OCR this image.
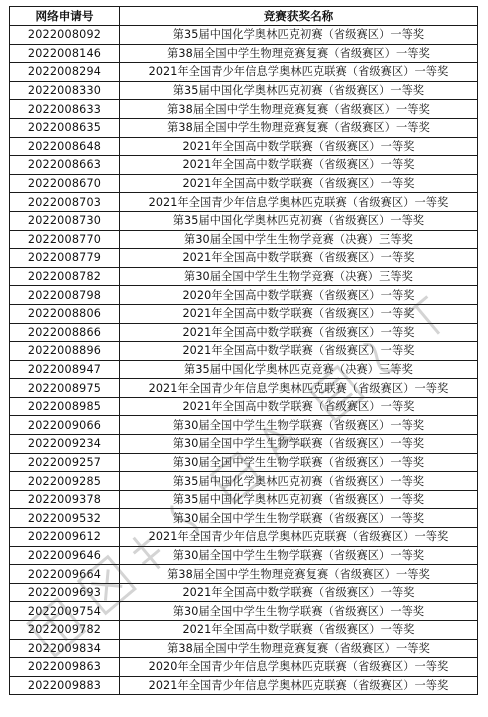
网络申请号	竞赛获奖名称
2022008092	第35届中国化学奥林匹克初赛（省级赛区）一等奖
2022008146	第38届全国中学生物理竞赛复赛（省级赛区）一等奖
2022008294	2021年全国青少年信息学奥林匹克联赛（省级赛区）一等奖
2022008330	第35届中国化学奥林匹克初赛（省级赛区）一等奖
2022008633	第38届全国中学生物理竞赛复赛（省级赛区）一等奖
2022008635	第38届全国中学生物理竞赛复赛（省级赛区）一等奖
2022008648	2021年全国高中数学联赛（省级赛区）一等奖
2022008663	2021年全国高中数学联赛（省级赛区）一等奖
2022008670	2021年全国高中数学联赛（省级赛区）一等奖
2022008703	2021年全国青少年信息学奥林匹克联赛（省级赛区）一等奖
2022008730	第35届中国化学奥林匹克初赛（省级赛区）一等奖
2022008770	第30届全国中学生生物学竞赛（决赛）三等奖
2022008779	2021年全国高中数学联赛（省级赛区）一等奖
2022008782	第30届全国中学生生物学竞赛（决赛）三等奖
2022008798	2020年全国高中数学联赛（省级赛区）一等奖
2022008806	2021年全国高中数学联赛（省级赛区）一等奖
2022008866	2021年全国高中数学联赛（省级赛区）一等奖
2022008896	2021年全国高中数学联赛（省级赛区）一等奖
2022008947	第35届中国化学奥林匹克竞赛（决赛）三等奖
2022008975	2021年全国青少年信息学奥林匹克联赛（省级赛区）一等奖
2022008985	2021年全国高中数学联赛（省级赛区）一等奖
2022009066	第30届全国中学生生物学联赛（省级赛区）一等奖
2022009234	第30届全国中学生生物学联赛（省级赛区）一等奖
2022009257	第30届全国中学生生物学联赛（省级赛区）一等奖
2022009285	第35届中国化学奥林匹克初赛（省级赛区）一等奖
2022009378	第35届中国化学奥林匹克初赛（省级赛区）一等奖
2022009532	第30届全国中学生生物学联赛（省级赛区）一等奖
2022009612	2021年全国青少年信息学奥林匹克联赛（省级赛区）一等奖
2022009646	第30届全国中学生生物学联赛（省级赛区）一等奖
2022009664	第38届全国中学生物理竞赛复赛（省级赛区）一等奖
2022009693	2021年全国高中数学联赛（省级赛区）一等奖
2022009754	第30届全国中学生生物学联赛（省级赛区）一等奖
2022009782	2021年全国高中数学联赛（省级赛区）一等奖
2022009834	第38届全国中学生物理竞赛复赛（省级赛区）一等奖
2022009863	2020年全国青少年信息学奥林匹克联赛（省级赛区）一等奖
2022009883	2021年全国青少年信息学奥林匹克联赛（省级赛区）一等奖
